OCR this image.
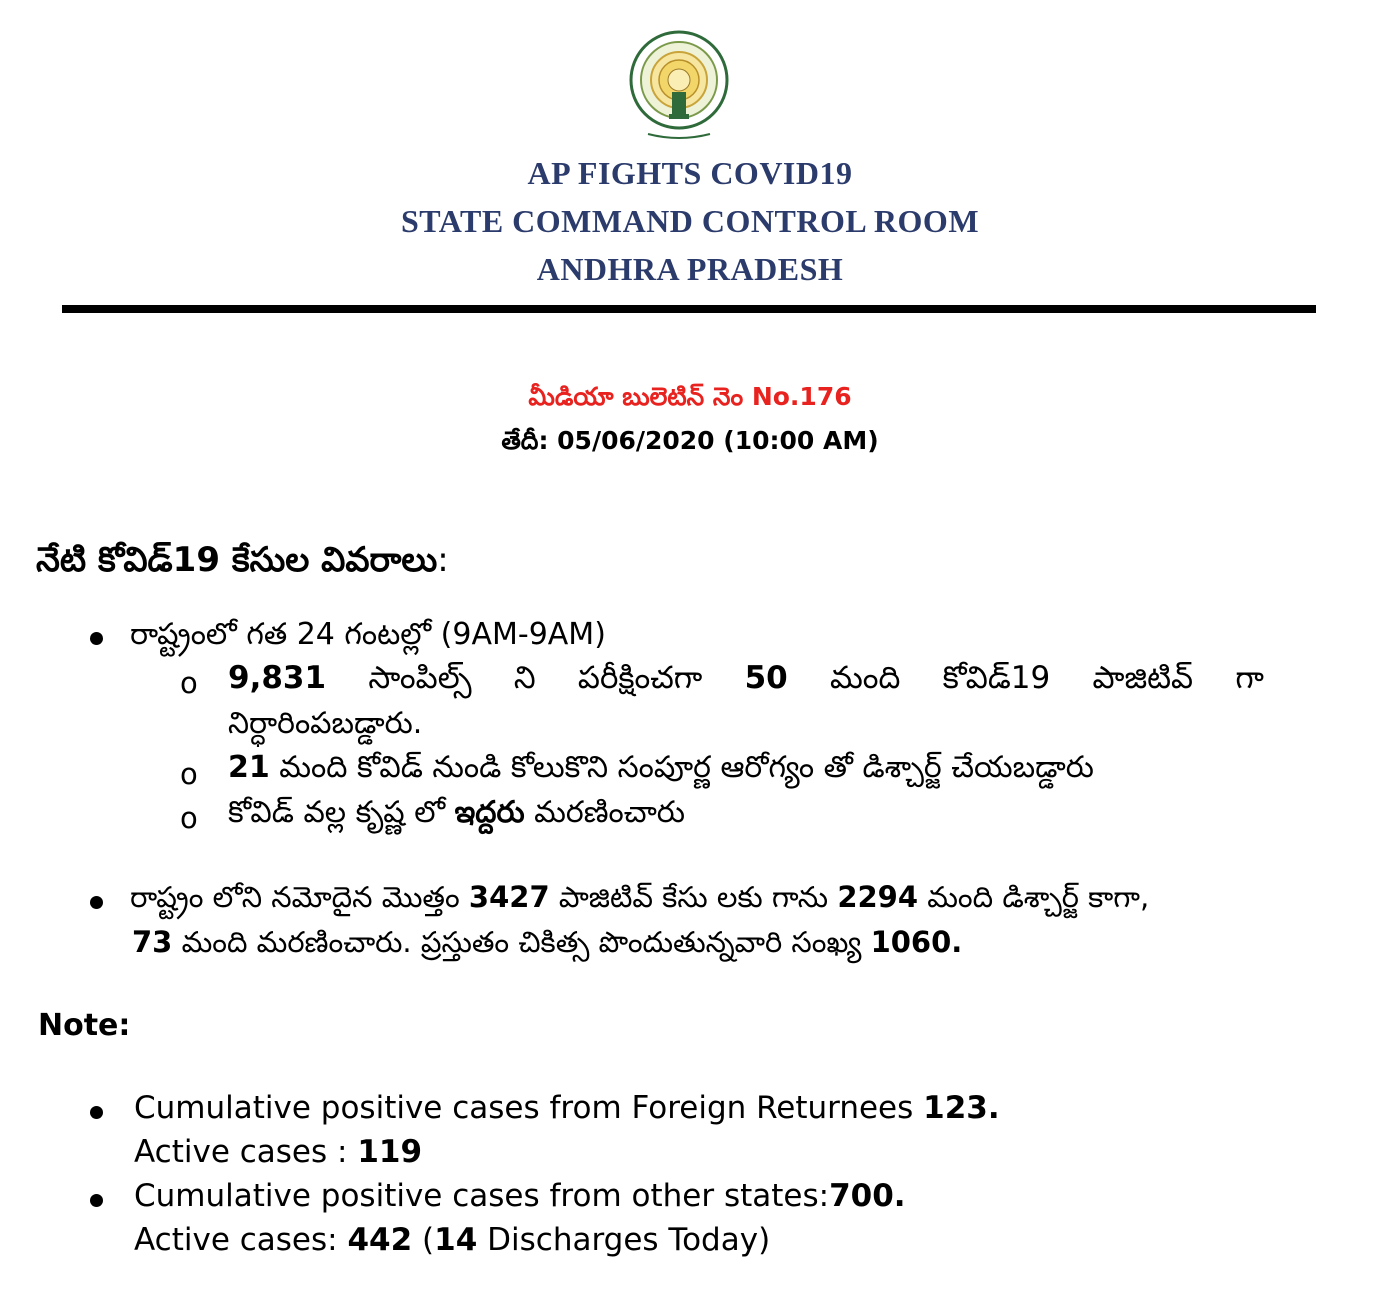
AP FIGHTS COVID19
STATE COMMAND CONTROL ROOM
ANDHRA PRADESH
మీడియా బులెటిన్ నెం No.176
తేదీ: 05/06/2020 (10:00 AM)
నేటి కోవిడ్19 కేసుల వివరాలు:
రాష్ట్రంలో గత 24 గంటల్లో (9AM-9AM)
o 9,831 సాంపిల్స్ ని పరీక్షించగా 50 మంది కోవిడ్19 పాజిటివ్ గా
నిర్ధారింపబడ్డారు.
o 21 మంది కోవిడ్ నుండి కోలుకొని సంపూర్ణ ఆరోగ్యం తో డిశ్చార్జ్ చేయబడ్డారు
o కోవిడ్ వల్ల కృష్ణ లో ఇద్దరు మరణించారు
రాష్ట్రం లోని నమోదైన మొత్తం 3427 పాజిటివ్ కేసు లకు గాను 2294 మంది డిశ్చార్జ్ కాగా,
73 మంది మరణించారు. ప్రస్తుతం చికిత్స పొందుతున్నవారి సంఖ్య 1060.
Note:
Cumulative positive cases from Foreign Returnees 123.
Active cases : 119
Cumulative positive cases from other states:700.
Active cases: 442 (14 Discharges Today)
